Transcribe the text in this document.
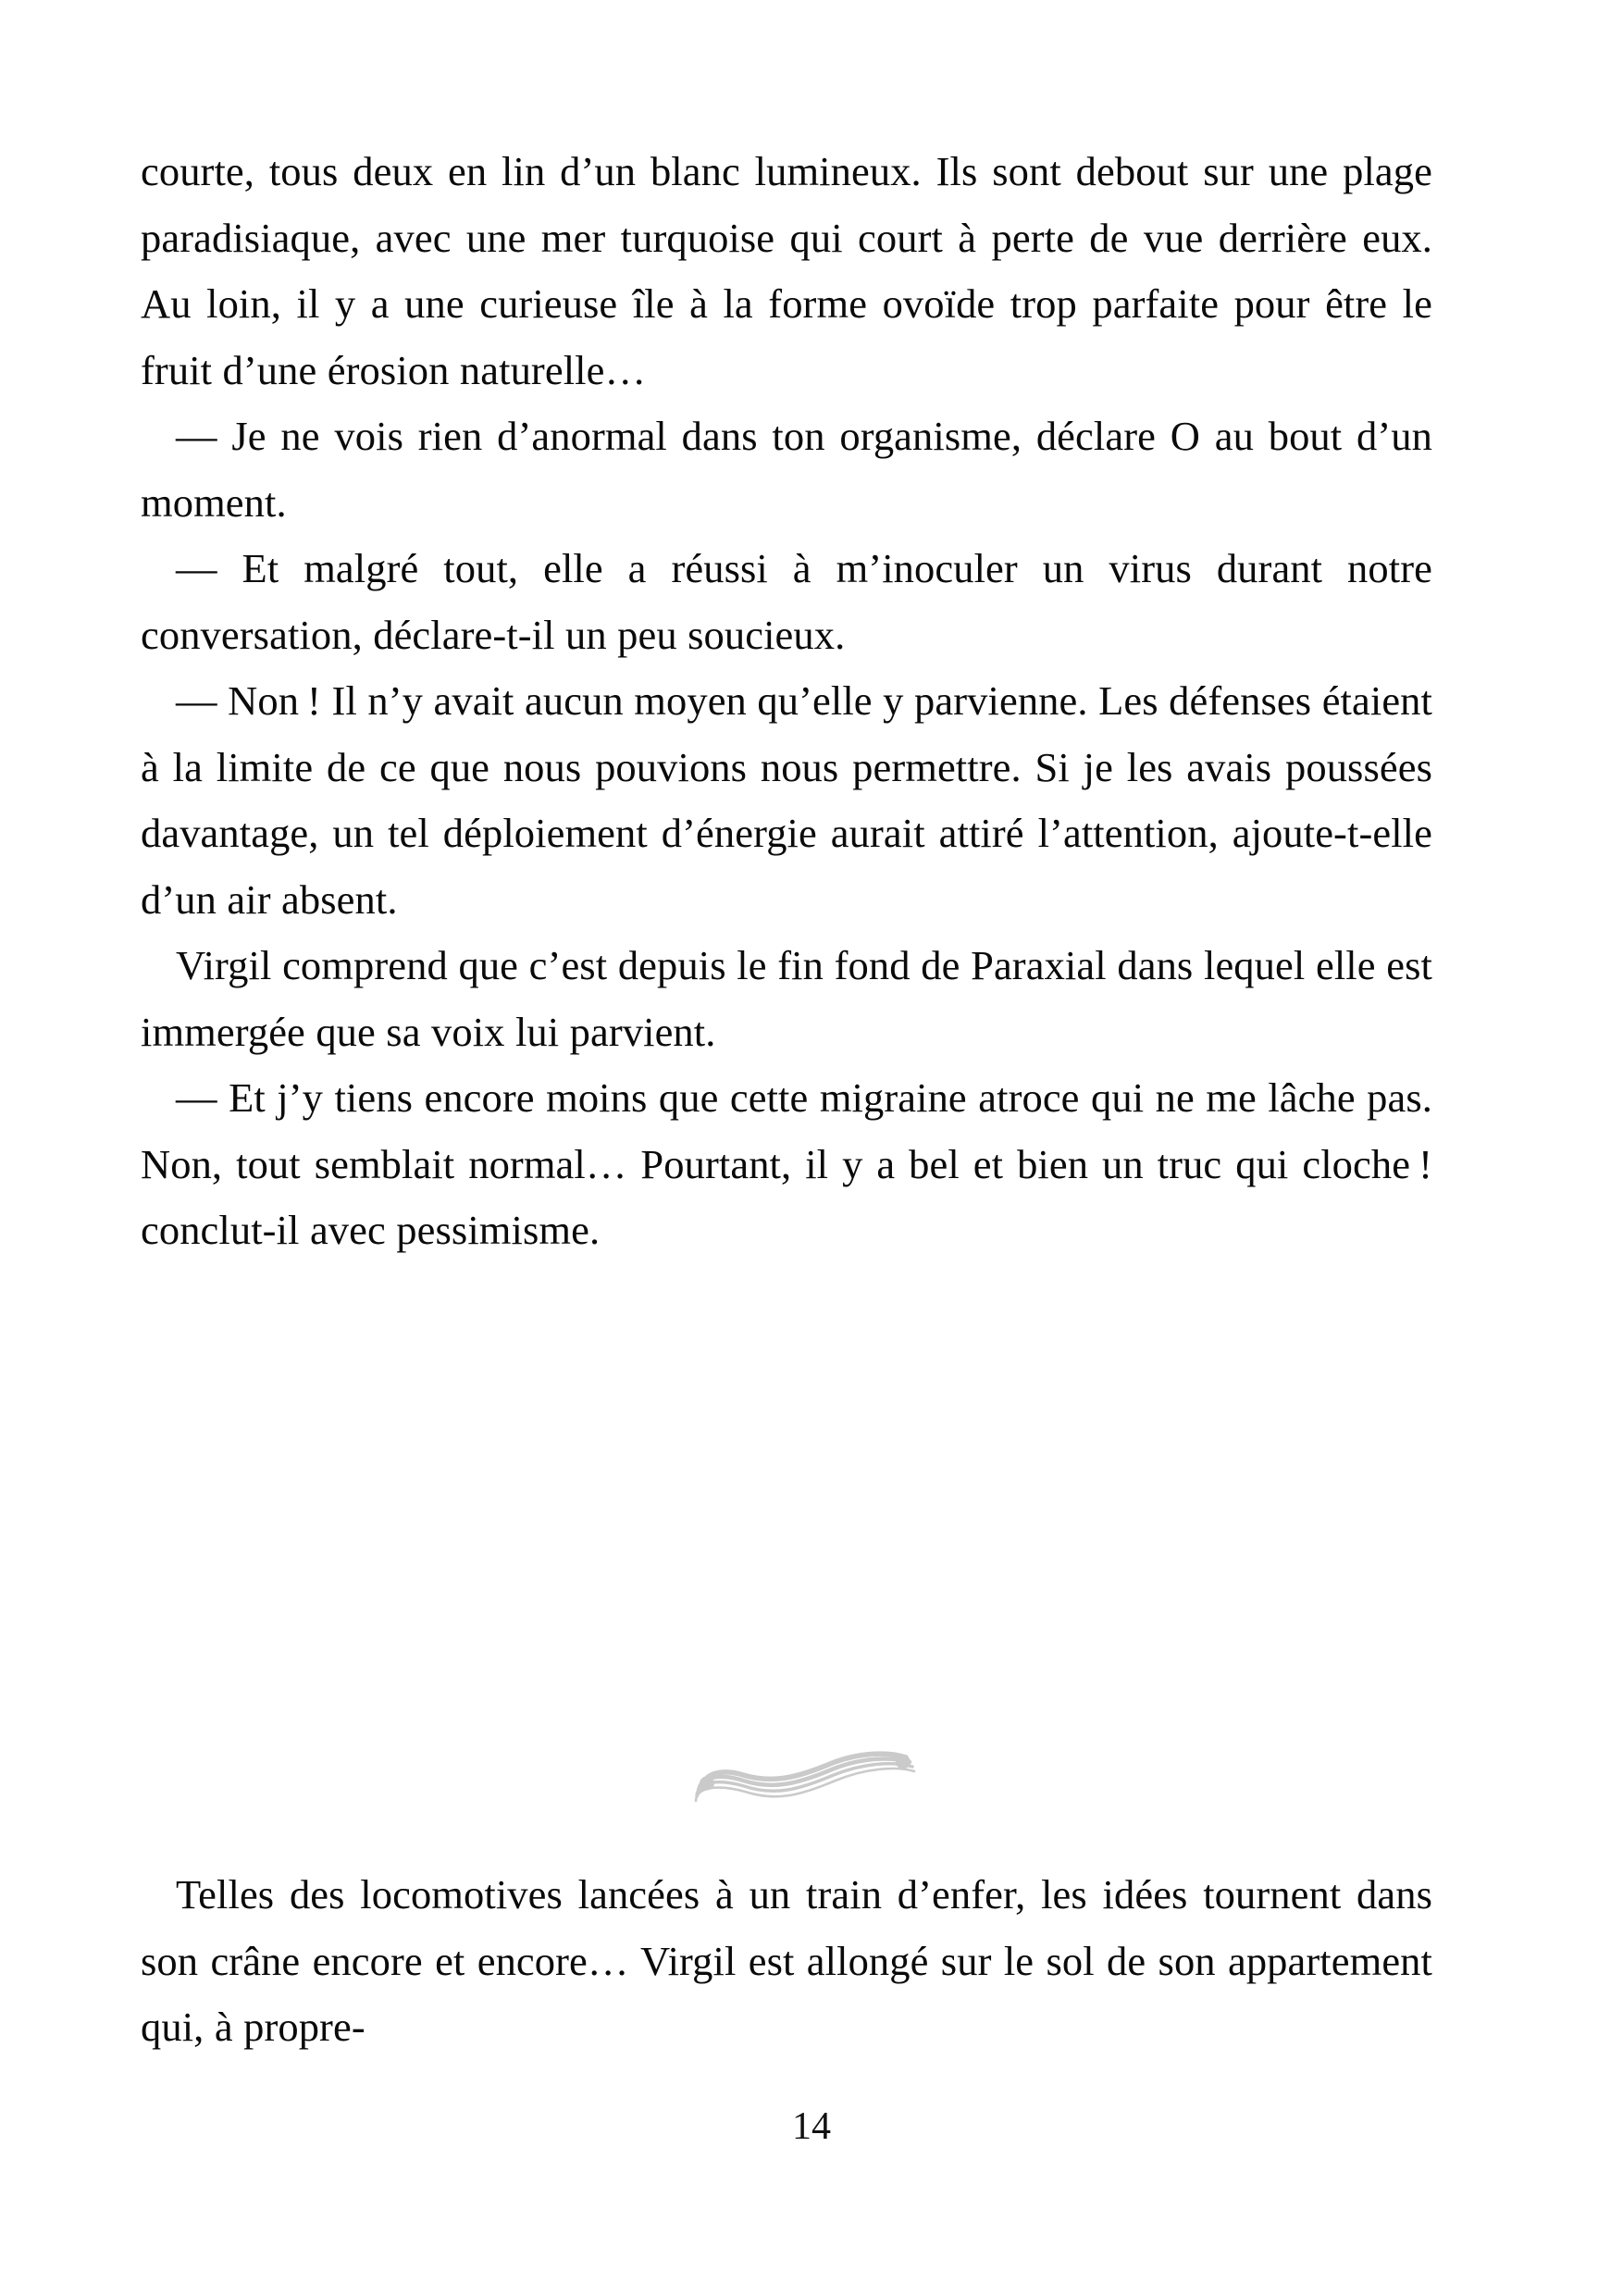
courte, tous deux en lin d’un blanc lumineux. Ils sont debout sur une plage paradisiaque, avec une mer turquoise qui court à perte de vue derrière eux. Au loin, il y a une curieuse île à la forme ovoïde trop parfaite pour être le fruit d’une érosion naturelle…

— Je ne vois rien d’anormal dans ton organisme, déclare O au bout d’un moment.

— Et malgré tout, elle a réussi à m’inoculer un virus durant notre conversation, déclare-t-il un peu soucieux.

— Non ! Il n’y avait aucun moyen qu’elle y parvienne. Les défenses étaient à la limite de ce que nous pouvions nous permettre. Si je les avais poussées davantage, un tel déploiement d’énergie aurait attiré l’attention, ajoute-t-elle d’un air absent.

Virgil comprend que c’est depuis le fin fond de Paraxial dans lequel elle est immergée que sa voix lui parvient.

— Et j’y tiens encore moins que cette migraine atroce qui ne me lâche pas. Non, tout semblait normal… Pourtant, il y a bel et bien un truc qui cloche ! conclut-il avec pessimisme.

Telles des locomotives lancées à un train d’enfer, les idées tournent dans son crâne encore et encore… Virgil est allongé sur le sol de son appartement qui, à propre-

14
